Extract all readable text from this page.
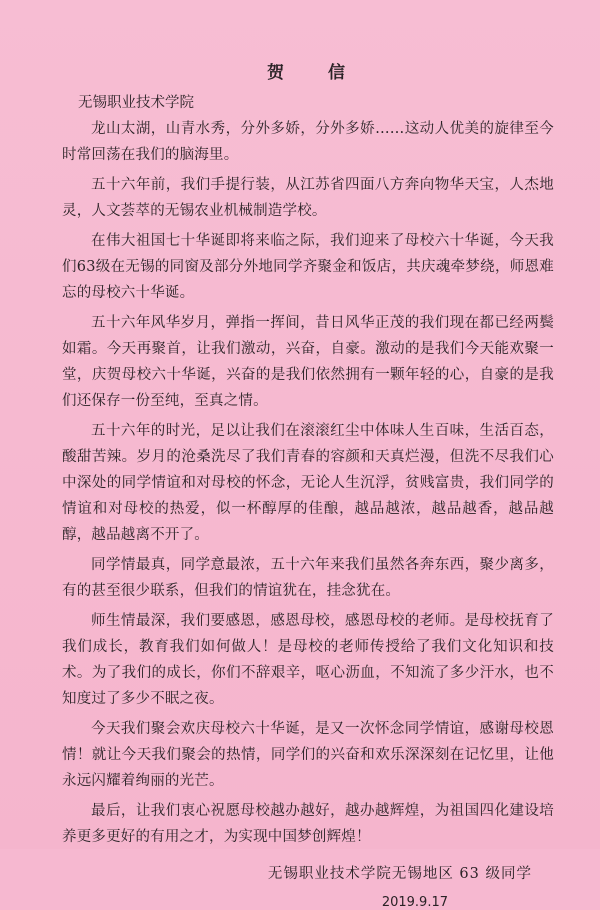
贺信
无锡职业技术学院

龙山太湖，山青水秀，分外多娇，分外多娇……这动人优美的旋律至今时常回荡在我们的脑海里。

五十六年前，我们手提行装，从江苏省四面八方奔向物华天宝，人杰地灵，人文荟萃的无锡农业机械制造学校。

在伟大祖国七十华诞即将来临之际，我们迎来了母校六十华诞，今天我们63级在无锡的同窗及部分外地同学齐聚金和饭店，共庆魂牵梦绕，师恩难忘的母校六十华诞。

五十六年风华岁月，弹指一挥间，昔日风华正茂的我们现在都已经两鬓如霜。今天再聚首，让我们激动，兴奋，自豪。激动的是我们今天能欢聚一堂，庆贺母校六十华诞，兴奋的是我们依然拥有一颗年轻的心，自豪的是我们还保存一份至纯，至真之情。

五十六年的时光，足以让我们在滚滚红尘中体味人生百味，生活百态，酸甜苦辣。岁月的沧桑洗尽了我们青春的容颜和天真烂漫，但洗不尽我们心中深处的同学情谊和对母校的怀念，无论人生沉浮，贫贱富贵，我们同学的情谊和对母校的热爱，似一杯醇厚的佳酿，越品越浓，越品越香，越品越醇，越品越离不开了。

同学情最真，同学意最浓，五十六年来我们虽然各奔东西，聚少离多，有的甚至很少联系，但我们的情谊犹在，挂念犹在。

师生情最深，我们要感恩，感恩母校，感恩母校的老师。是母校抚育了我们成长，教育我们如何做人！是母校的老师传授给了我们文化知识和技术。为了我们的成长，你们不辞艰辛，呕心沥血，不知流了多少汗水，也不知度过了多少不眠之夜。

今天我们聚会欢庆母校六十华诞，是又一次怀念同学情谊，感谢母校恩情！就让今天我们聚会的热情，同学们的兴奋和欢乐深深刻在记忆里，让他永远闪耀着绚丽的光芒。

最后，让我们衷心祝愿母校越办越好，越办越辉煌，为祖国四化建设培养更多更好的有用之才，为实现中国梦创辉煌！

无锡职业技术学院无锡地区 63 级同学
2019.9.17
